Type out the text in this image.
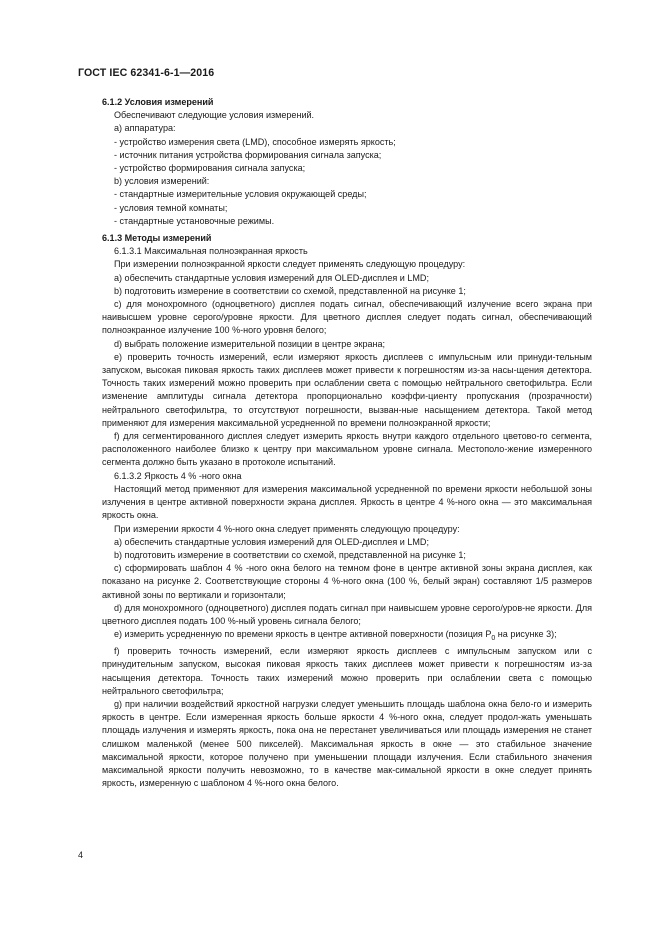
ГОСТ IEC 62341-6-1—2016

6.1.2 Условия измерений

Обеспечивают следующие условия измерений.

a) аппаратура:

- устройство измерения света (LMD), способное измерять яркость;

- источник питания устройства формирования сигнала запуска;

- устройство формирования сигнала запуска;

b) условия измерений:

- стандартные измерительные условия окружающей среды;

- условия темной комнаты;

- стандартные установочные режимы.

6.1.3 Методы измерений

6.1.3.1 Максимальная полноэкранная яркость

При измерении полноэкранной яркости следует применять следующую процедуру:

a) обеспечить стандартные условия измерений для OLED-дисплея и LMD;

b) подготовить измерение в соответствии со схемой, представленной на рисунке 1;

c) для монохромного (одноцветного) дисплея подать сигнал, обеспечивающий излучение всего экрана при наивысшем уровне серого/уровне яркости. Для цветного дисплея следует подать сигнал, обеспечивающий полноэкранное излучение 100 %-ного уровня белого;

d) выбрать положение измерительной позиции в центре экрана;

e) проверить точность измерений, если измеряют яркость дисплеев с импульсным или принуди-тельным запуском, высокая пиковая яркость таких дисплеев может привести к погрешностям из-за насы-щения детектора. Точность таких измерений можно проверить при ослаблении света с помощью нейтрального светофильтра. Если изменение амплитуды сигнала детектора пропорционально коэффи-циенту пропускания (прозрачности) нейтрального светофильтра, то отсутствуют погрешности, вызван-ные насыщением детектора. Такой метод применяют для измерения максимальной усредненной по времени полноэкранной яркости;

f) для сегментированного дисплея следует измерить яркость внутри каждого отдельного цветово-го сегмента, расположенного наиболее близко к центру при максимальном уровне сигнала. Местополо-жение измеренного сегмента должно быть указано в протоколе испытаний.

6.1.3.2 Яркость 4 % -ного окна

Настоящий метод применяют для измерения максимальной усредненной по времени яркости небольшой зоны излучения в центре активной поверхности экрана дисплея. Яркость в центре 4 %-ного окна — это максимальная яркость окна.

При измерении яркости 4 %-ного окна следует применять следующую процедуру:

a) обеспечить стандартные условия измерений для OLED-дисплея и LMD;

b) подготовить измерение в соответствии со схемой, представленной на рисунке 1;

c) сформировать шаблон 4 % -ного окна белого на темном фоне в центре активной зоны экрана дисплея, как показано на рисунке 2. Соответствующие стороны 4 %-ного окна (100 %, белый экран) составляют 1/5 размеров активной зоны по вертикали и горизонтали;

d) для монохромного (одноцветного) дисплея подать сигнал при наивысшем уровне серого/уров-не яркости. Для цветного дисплея подать 100 %-ный уровень сигнала белого;

e) измерить усредненную по времени яркость в центре активной поверхности (позиция $P_0$ на рисунке 3);

f) проверить точность измерений, если измеряют яркость дисплеев с импульсным запуском или с принудительным запуском, высокая пиковая яркость таких дисплеев может привести к погрешностям из-за насыщения детектора. Точность таких измерений можно проверить при ослаблении света с помощью нейтрального светофильтра;

g) при наличии воздействий яркостной нагрузки следует уменьшить площадь шаблона окна бело-го и измерить яркость в центре. Если измеренная яркость больше яркости 4 %-ного окна, следует продол-жать уменьшать площадь излучения и измерять яркость, пока она не перестанет увеличиваться или площадь измерения не станет слишком маленькой (менее 500 пикселей). Максимальная яркость в окне — это стабильное значение максимальной яркости, которое получено при уменьшении площади излучения. Если стабильного значения максимальной яркости получить невозможно, то в качестве мак-симальной яркости в окне следует принять яркость, измеренную с шаблоном 4 %-ного окна белого.

4
